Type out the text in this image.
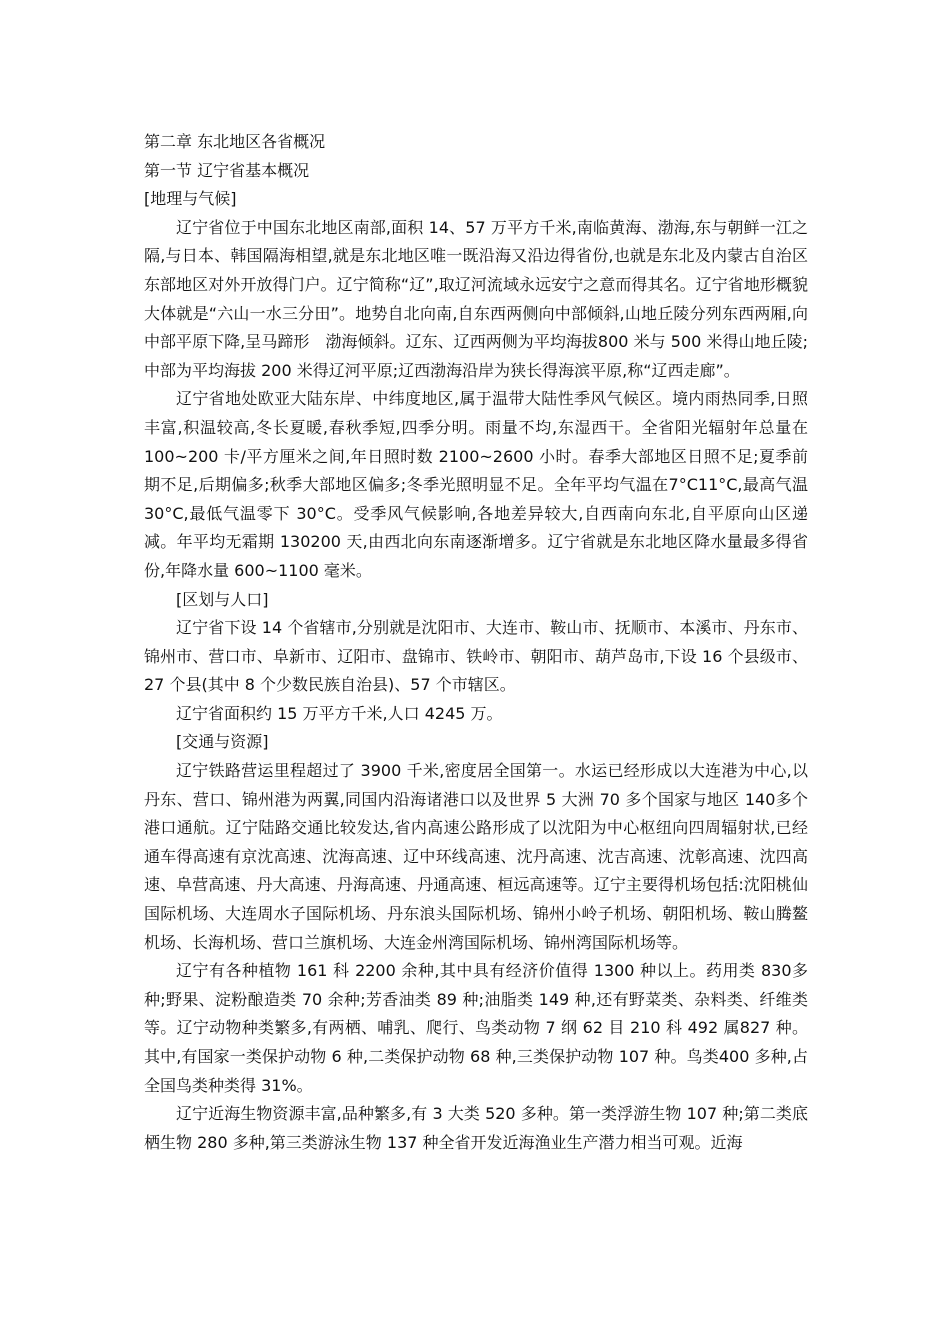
第二章 东北地区各省概况
第一节 辽宁省基本概况
[地理与气候]

辽宁省位于中国东北地区南部,面积 14、57 万平方千米,南临黄海、渤海,东与朝鲜一江之隔,与日本、韩国隔海相望,就是东北地区唯一既沿海又沿边得省份,也就是东北及内蒙古自治区东部地区对外开放得门户。辽宁简称“辽”,取辽河流域永远安宁之意而得其名。辽宁省地形概貌大体就是“六山一水三分田”。地势自北向南,自东西两侧向中部倾斜,山地丘陵分列东西两厢,向中部平原下降,呈马蹄形　渤海倾斜。辽东、辽西两侧为平均海拔800 米与 500 米得山地丘陵;中部为平均海拔 200 米得辽河平原;辽西渤海沿岸为狭长得海滨平原,称“辽西走廊”。

辽宁省地处欧亚大陆东岸、中纬度地区,属于温带大陆性季风气候区。境内雨热同季,日照丰富,积温较高,冬长夏暖,春秋季短,四季分明。雨量不均,东湿西干。全省阳光辐射年总量在 100~200 卡/平方厘米之间,年日照时数 2100~2600 小时。春季大部地区日照不足;夏季前期不足,后期偏多;秋季大部地区偏多;冬季光照明显不足。全年平均气温在7°C11°C,最高气温 30°C,最低气温零下 30°C。受季风气候影响,各地差异较大,自西南向东北,自平原向山区递减。年平均无霜期 130200 天,由西北向东南逐渐增多。辽宁省就是东北地区降水量最多得省份,年降水量 600~1100 毫米。

[区划与人口]

辽宁省下设 14 个省辖市,分别就是沈阳市、大连市、鞍山市、抚顺市、本溪市、丹东市、锦州市、营口市、阜新市、辽阳市、盘锦市、铁岭市、朝阳市、葫芦岛市,下设 16 个县级市、27 个县(其中 8 个少数民族自治县)、57 个市辖区。

辽宁省面积约 15 万平方千米,人口 4245 万。

[交通与资源]

辽宁铁路营运里程超过了 3900 千米,密度居全国第一。水运已经形成以大连港为中心,以丹东、营口、锦州港为两翼,同国内沿海诸港口以及世界 5 大洲 70 多个国家与地区 140多个港口通航。辽宁陆路交通比较发达,省内高速公路形成了以沈阳为中心枢纽向四周辐射状,已经通车得高速有京沈高速、沈海高速、辽中环线高速、沈丹高速、沈吉高速、沈彰高速、沈四高速、阜营高速、丹大高速、丹海高速、丹通高速、桓远高速等。辽宁主要得机场包括:沈阳桃仙国际机场、大连周水子国际机场、丹东浪头国际机场、锦州小岭子机场、朝阳机场、鞍山腾鳌机场、长海机场、营口兰旗机场、大连金州湾国际机场、锦州湾国际机场等。

辽宁有各种植物 161 科 2200 余种,其中具有经济价值得 1300 种以上。药用类 830多种;野果、淀粉酿造类 70 余种;芳香油类 89 种;油脂类 149 种,还有野菜类、杂料类、纤维类等。辽宁动物种类繁多,有两栖、哺乳、爬行、鸟类动物 7 纲 62 目 210 科 492 属827 种。其中,有国家一类保护动物 6 种,二类保护动物 68 种,三类保护动物 107 种。鸟类400 多种,占全国鸟类种类得 31%。

辽宁近海生物资源丰富,品种繁多,有 3 大类 520 多种。第一类浮游生物 107 种;第二类底栖生物 280 多种,第三类游泳生物 137 种全省开发近海渔业生产潜力相当可观。近海
